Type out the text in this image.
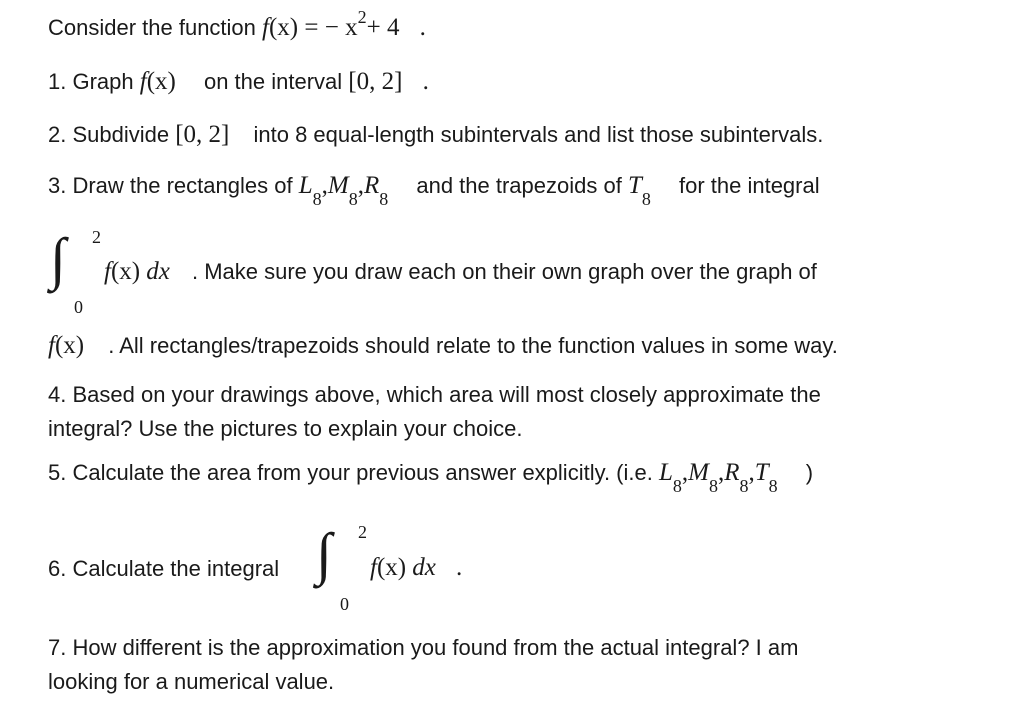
Consider the function f(x) = − $x^2+ 4$ .
1. Graph f(x) on the interval [0, 2] .
2. Subdivide [0, 2] into 8 equal-length subintervals and list those subintervals.
3. Draw the rectangles of $L_8,M_8,R_8$ and the trapezoids of $T_8$ for the integral
∫ 2
0
f(x) dx . Make sure you draw each on their own graph over the graph of
f(x) . All rectangles/trapezoids should relate to the function values in some way.
4. Based on your drawings above, which area will most closely approximate the
integral? Use the pictures to explain your choice.
5. Calculate the area from your previous answer explicitly. (i.e. $L_8,M_8,R_8,T_8$ )
6. Calculate the integral ∫ 2
0
f(x) dx .
7. How different is the approximation you found from the actual integral? I am
looking for a numerical value.
